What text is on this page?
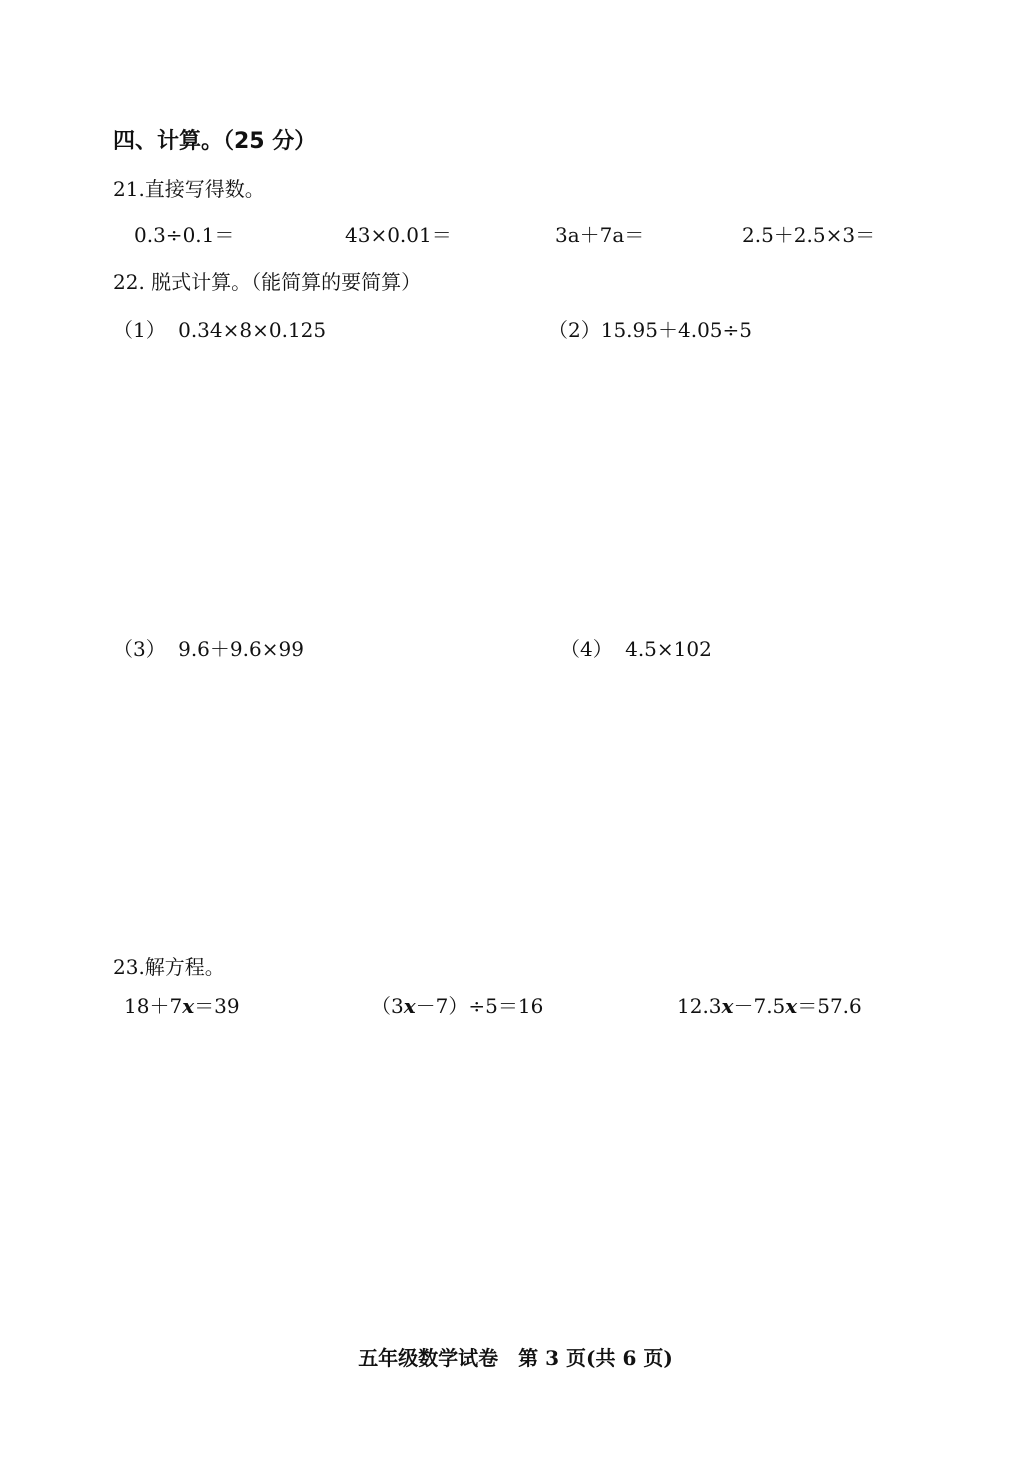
四、计算。（25 分）
21.直接写得数。
0.3÷0.1＝	43×0.01＝	3a＋7a＝	2.5＋2.5×3＝
22. 脱式计算。（能简算的要简算）
（1） 0.34×8×0.125	（2）15.95＋4.05÷5
（3） 9.6＋9.6×99	（4） 4.5×102
23.解方程。
18＋7x＝39	（3x－7）÷5＝16	12.3x－7.5x＝57.6
五年级数学试卷　第 3 页(共 6 页)
